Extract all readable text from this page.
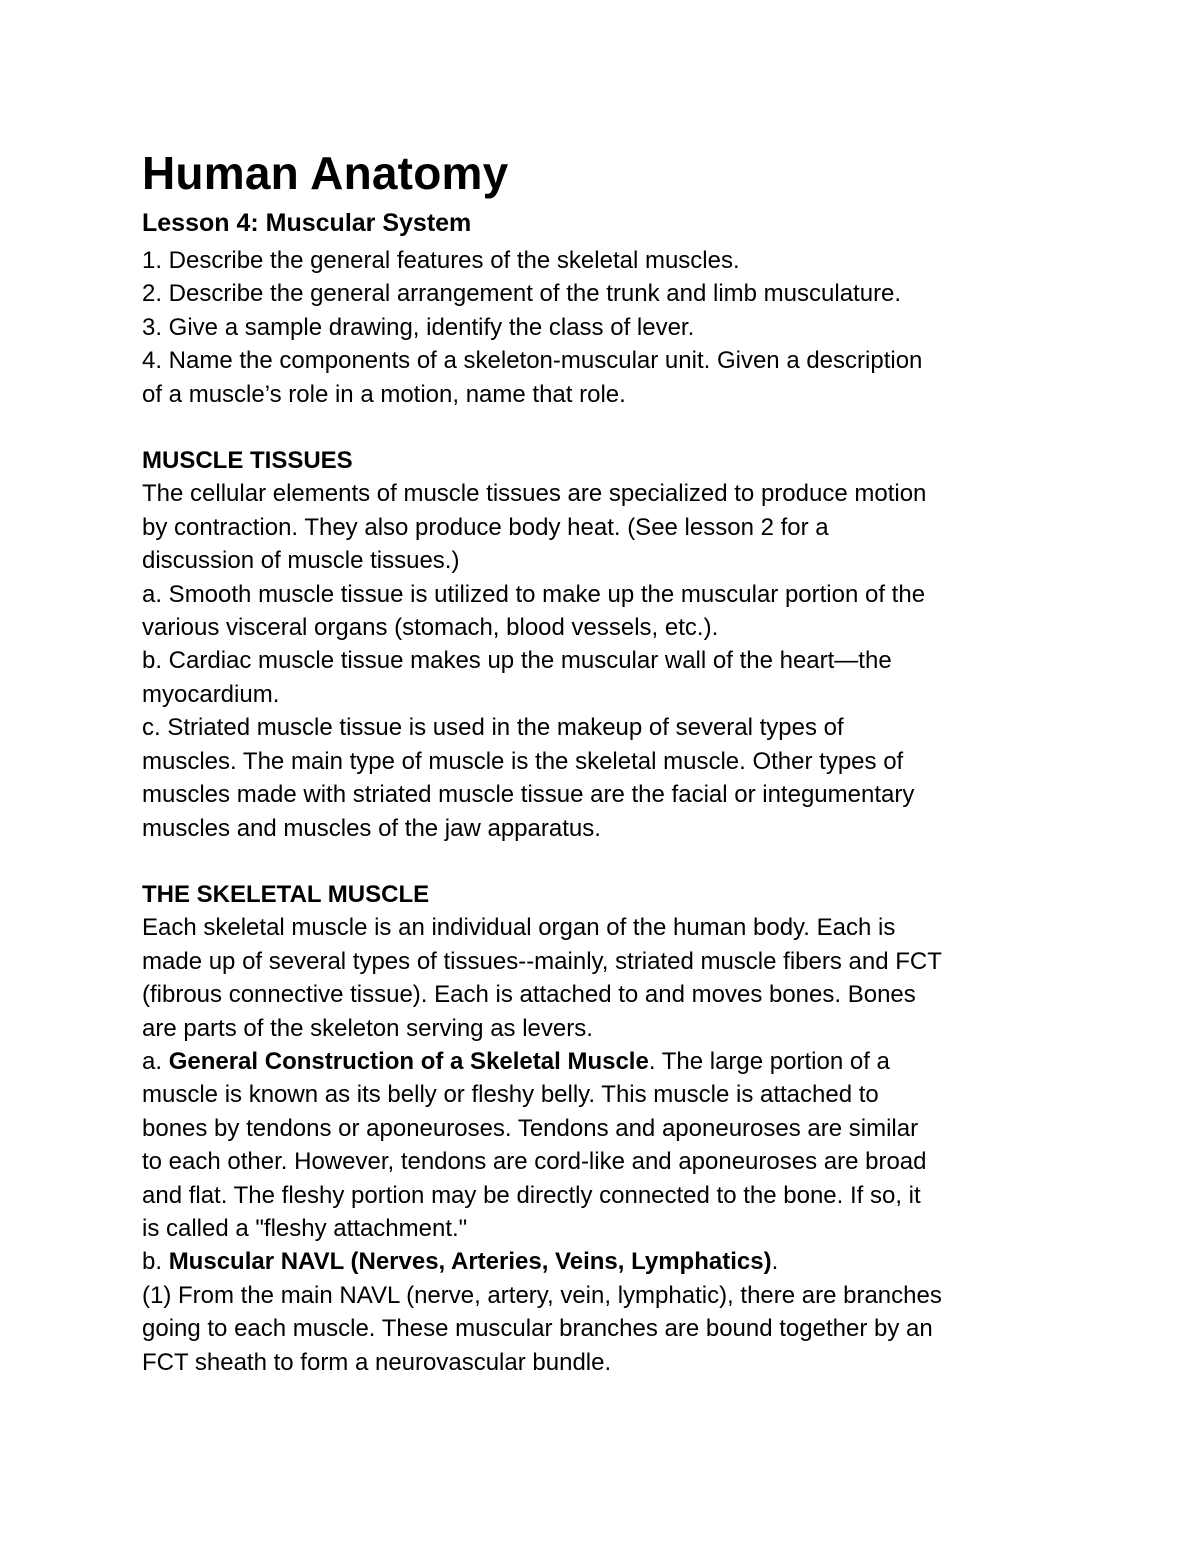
Human Anatomy
Lesson 4: Muscular System

1. Describe the general features of the skeletal muscles.

2. Describe the general arrangement of the trunk and limb musculature.

3. Give a sample drawing, identify the class of lever.

4. Name the components of a skeleton-muscular unit. Given a description

of a muscle’s role in a motion, name that role.

MUSCLE TISSUES

The cellular elements of muscle tissues are specialized to produce motion

by contraction. They also produce body heat. (See lesson 2 for a

discussion of muscle tissues.)

a. Smooth muscle tissue is utilized to make up the muscular portion of the

various visceral organs (stomach, blood vessels, etc.).

b. Cardiac muscle tissue makes up the muscular wall of the heart—the

myocardium.

c. Striated muscle tissue is used in the makeup of several types of

muscles. The main type of muscle is the skeletal muscle. Other types of

muscles made with striated muscle tissue are the facial or integumentary

muscles and muscles of the jaw apparatus.

THE SKELETAL MUSCLE

Each skeletal muscle is an individual organ of the human body. Each is

made up of several types of tissues--mainly, striated muscle fibers and FCT

(fibrous connective tissue). Each is attached to and moves bones. Bones

are parts of the skeleton serving as levers.

a. General Construction of a Skeletal Muscle. The large portion of a

muscle is known as its belly or fleshy belly. This muscle is attached to

bones by tendons or aponeuroses. Tendons and aponeuroses are similar

to each other. However, tendons are cord-like and aponeuroses are broad

and flat. The fleshy portion may be directly connected to the bone. If so, it

is called a "fleshy attachment."

b. Muscular NAVL (Nerves, Arteries, Veins, Lymphatics).

(1) From the main NAVL (nerve, artery, vein, lymphatic), there are branches

going to each muscle. These muscular branches are bound together by an

FCT sheath to form a neurovascular bundle.
